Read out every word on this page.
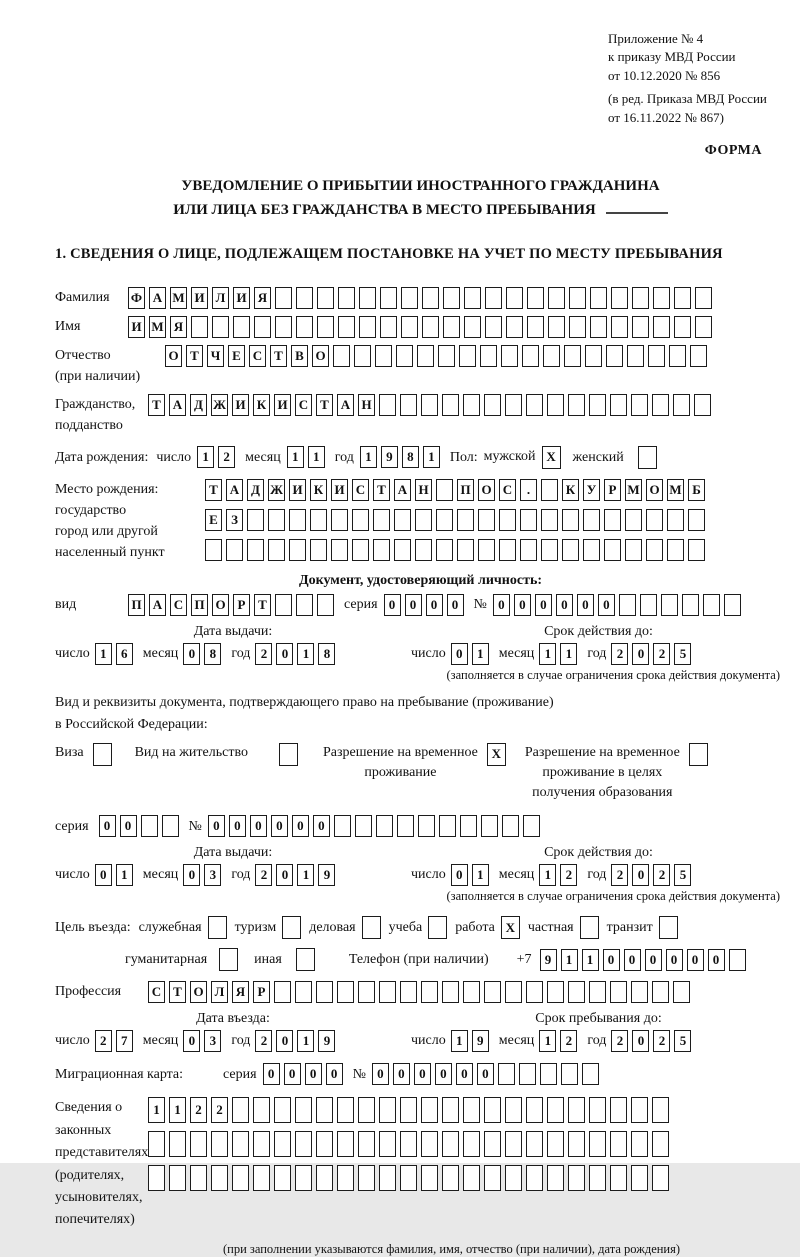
Приложение № 4
к приказу МВД России
от 10.12.2020 № 856
(в ред. Приказа МВД России
от 16.11.2022 № 867)
ФОРМА
УВЕДОМЛЕНИЕ О ПРИБЫТИИ ИНОСТРАННОГО ГРАЖДАНИНА
ИЛИ ЛИЦА БЕЗ ГРАЖДАНСТВА В МЕСТО ПРЕБЫВАНИЯ
1. СВЕДЕНИЯ О ЛИЦЕ, ПОДЛЕЖАЩЕМ ПОСТАНОВКЕ НА УЧЕТ ПО МЕСТУ ПРЕБЫВАНИЯ
Фамилия	Ф А М И Л И Я
Имя	И М Я
Отчество
(при наличии)
О Т Ч Е С Т В О
Гражданство,
подданство
Т А Д Ж И К И С Т А Н
Дата рождения: число 1	2	месяц 1	1	год 1	9	8	1	Пол: мужской X	женский
Место рождения:
государство
город или другой
населенный пункт
Т А Д Ж И К И С Т А Н П О С	.	К У Р М О М Б
Е	З
Документ, удостоверяющий личность:
вид	П А С П О Р Т	серия 0	0	0	0	№ 0	0	0	0	0	0
Дата выдачи:
число 1	6	месяц 0	8	год 2	0	1	8
Срок действия до:
число 0	1	месяц 1	1	год 2	0	2	5
(заполняется в случае ограничения срока действия документа)
Вид и реквизиты документа, подтверждающего право на пребывание (проживание)
в Российской Федерации:
Виза	Вид на жительство	Разрешение на временное
проживание
X	Разрешение на временное
проживание в целях
получения образования
серия	0	0	№ 0	0	0	0	0	0
Дата выдачи:
число 0	1	месяц 0	3	год 2	0	1	9
Срок действия до:
число 0	1	месяц 1	2	год 2	0	2	5
(заполняется в случае ограничения срока действия документа)
Цель въезда: служебная туризм деловая учеба работа X частная транзит
гуманитарная	иная	Телефон (при наличии) +7	9	1	1	0	0	0	0	0	0
Профессия	С Т О Л Я Р
Дата въезда:
число 2	7	месяц 0	3	год 2	0	1	9
Срок пребывания до:
число 1	9	месяц 1	2	год 2	0	2	5
Миграционная карта:	серия 0	0	0	0	№ 0	0	0	0	0	0
Сведения о
законных
представителях
(родителях,
усыновителях,
попечителях)
1	1	2	2
(при заполнении указываются фамилия, имя, отчество (при наличии), дата рождения)
